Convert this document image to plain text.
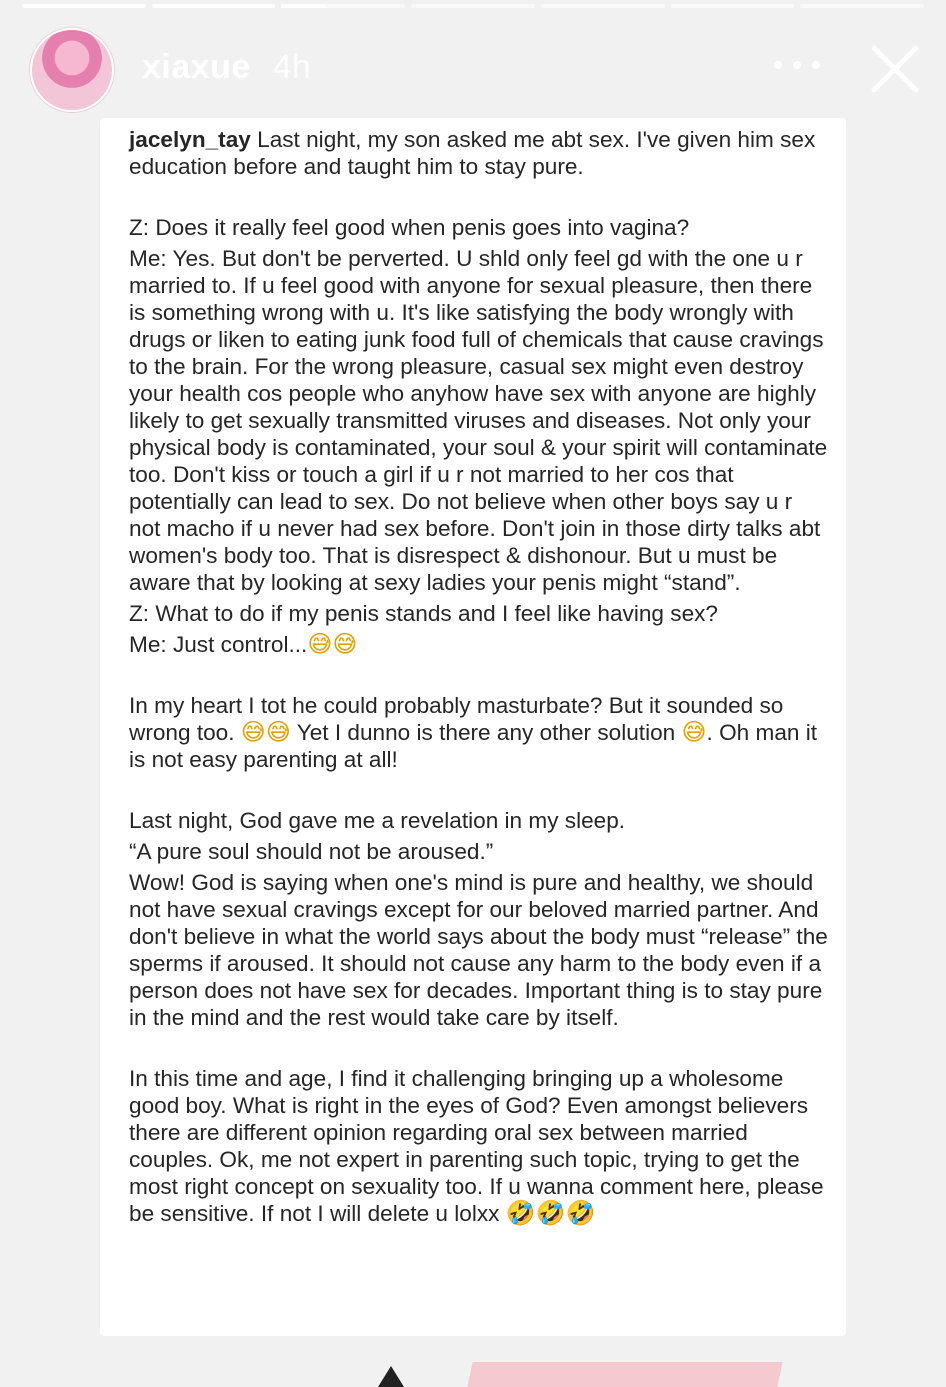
xiaxue 4h

jacelyn_tay Last night, my son asked me abt sex. I've given him sex education before and taught him to stay pure.

Z: Does it really feel good when penis goes into vagina?

Me: Yes. But don't be perverted. U shld only feel gd with the one u r married to. If u feel good with anyone for sexual pleasure, then there is something wrong with u. It's like satisfying the body wrongly with drugs or liken to eating junk food full of chemicals that cause cravings to the brain. For the wrong pleasure, casual sex might even destroy your health cos people who anyhow have sex with anyone are highly likely to get sexually transmitted viruses and diseases. Not only your physical body is contaminated, your soul & your spirit will contaminate too. Don't kiss or touch a girl if u r not married to her cos that potentially can lead to sex. Do not believe when other boys say u r not macho if u never had sex before. Don't join in those dirty talks abt women's body too. That is disrespect & dishonour. But u must be aware that by looking at sexy ladies your penis might “stand”.

Z: What to do if my penis stands and I feel like having sex?

Me: Just control...😅😅

In my heart I tot he could probably masturbate? But it sounded so wrong too. 😅😅 Yet I dunno is there any other solution 😅. Oh man it is not easy parenting at all!

Last night, God gave me a revelation in my sleep.

“A pure soul should not be aroused.”

Wow! God is saying when one's mind is pure and healthy, we should not have sexual cravings except for our beloved married partner. And don't believe in what the world says about the body must “release” the sperms if aroused. It should not cause any harm to the body even if a person does not have sex for decades. Important thing is to stay pure in the mind and the rest would take care by itself.

In this time and age, I find it challenging bringing up a wholesome good boy. What is right in the eyes of God? Even amongst believers there are different opinion regarding oral sex between married couples. Ok, me not expert in parenting such topic, trying to get the most right concept on sexuality too. If u wanna comment here, please be sensitive. If not I will delete u lolxx 🤣🤣🤣
